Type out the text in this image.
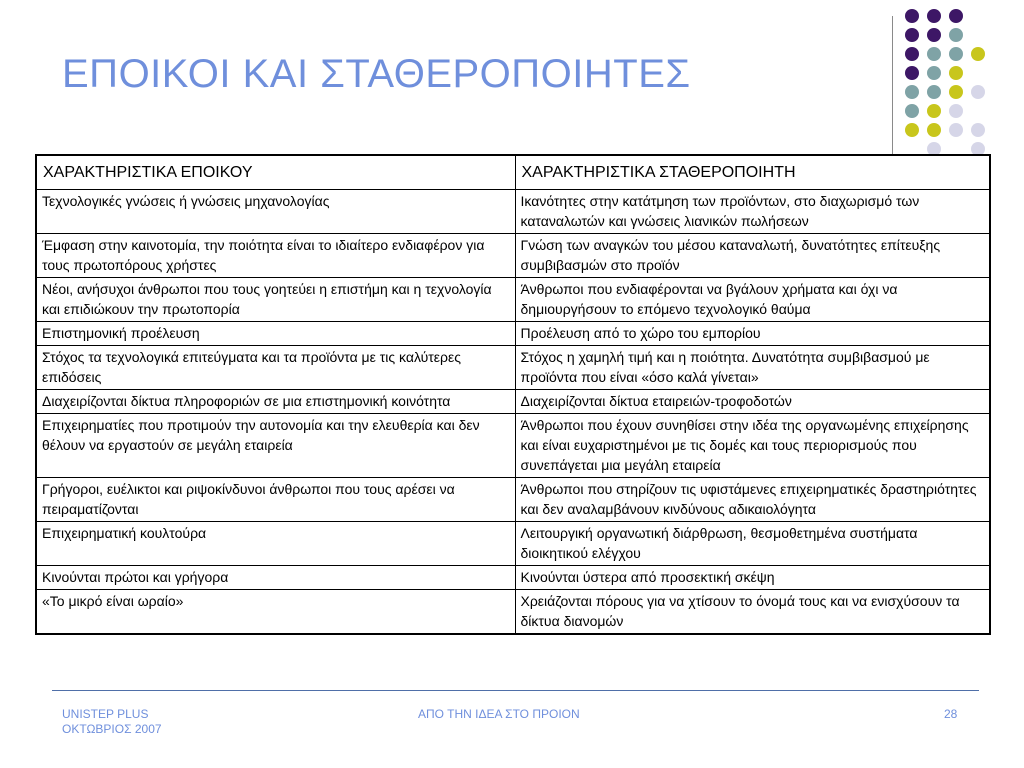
ΕΠΟΙΚΟΙ ΚΑΙ ΣΤΑΘΕΡΟΠΟΙΗΤΕΣ
ΧΑΡΑΚΤΗΡΙΣΤΙΚΑ ΕΠΟΙΚΟΥ	ΧΑΡΑΚΤΗΡΙΣΤΙΚΑ ΣΤΑΘΕΡΟΠΟΙΗΤΗ
Τεχνολογικές γνώσεις ή γνώσεις μηχανολογίας	Ικανότητες στην κατάτμηση των προϊόντων, στο διαχωρισμό των καταναλωτών και γνώσεις λιανικών πωλήσεων
Έμφαση στην καινοτομία, την ποιότητα είναι το ιδιαίτερο ενδιαφέρον για τους πρωτοπόρους χρήστες	Γνώση των αναγκών του μέσου καταναλωτή, δυνατότητες επίτευξης συμβιβασμών στο προϊόν
Νέοι, ανήσυχοι άνθρωποι που τους γοητεύει η επιστήμη και η τεχνολογία και επιδιώκουν την πρωτοπορία	Άνθρωποι που ενδιαφέρονται να βγάλουν χρήματα και όχι να δημιουργήσουν το επόμενο τεχνολογικό θαύμα
Επιστημονική προέλευση	Προέλευση από το χώρο του εμπορίου
Στόχος τα τεχνολογικά επιτεύγματα και τα προϊόντα με τις καλύτερες επιδόσεις	Στόχος η χαμηλή τιμή και η ποιότητα. Δυνατότητα συμβιβασμού με προϊόντα που είναι «όσο καλά γίνεται»
Διαχειρίζονται δίκτυα πληροφοριών σε μια επιστημονική κοινότητα	Διαχειρίζονται δίκτυα εταιρειών-τροφοδοτών
Επιχειρηματίες που προτιμούν την αυτονομία και την ελευθερία και δεν θέλουν να εργαστούν σε μεγάλη εταιρεία	Άνθρωποι που έχουν συνηθίσει στην ιδέα της οργανωμένης επιχείρησης και είναι ευχαριστημένοι με τις δομές και τους περιορισμούς που συνεπάγεται μια μεγάλη εταιρεία
Γρήγοροι, ευέλικτοι και ριψοκίνδυνοι άνθρωποι που τους αρέσει να πειραματίζονται	Άνθρωποι που στηρίζουν τις υφιστάμενες επιχειρηματικές δραστηριότητες και δεν αναλαμβάνουν κινδύνους αδικαιολόγητα
Επιχειρηματική κουλτούρα	Λειτουργική οργανωτική διάρθρωση, θεσμοθετημένα συστήματα διοικητικού ελέγχου
Κινούνται πρώτοι και γρήγορα	Κινούνται ύστερα από προσεκτική σκέψη
«Το μικρό είναι ωραίο»	Χρειάζονται πόρους για να χτίσουν το όνομά τους και να ενισχύσουν τα δίκτυα διανομών
UNISTEP PLUS
ΟΚΤΩΒΡΙΟΣ 2007
ΑΠΟ ΤΗΝ ΙΔΕΑ ΣΤΟ ΠΡΟΙΟΝ	28
